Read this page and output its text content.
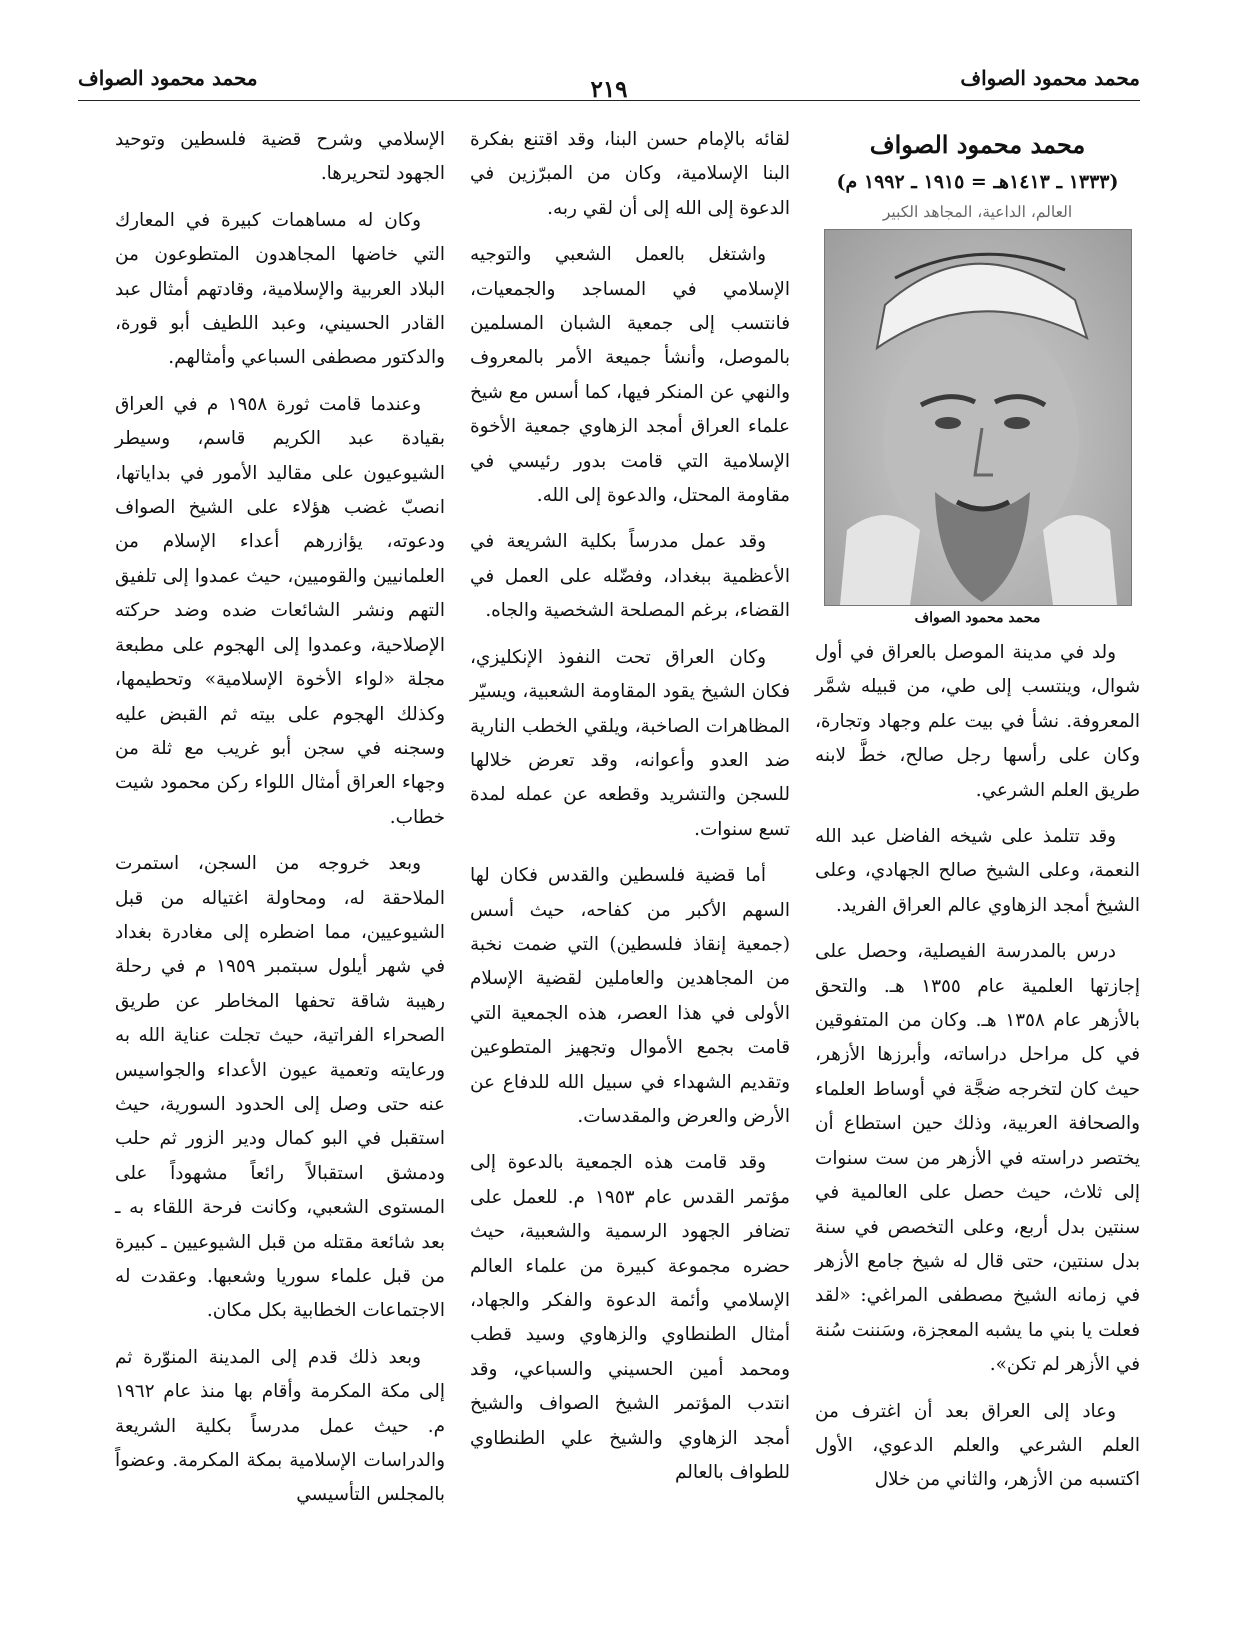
محمد محمود الصواف
٢١٩
محمد محمود الصواف
محمد محمود الصواف
(١٣٣٣ ـ ١٤١٣هـ = ١٩١٥ ـ ١٩٩٢ م)
العالم، الداعية، المجاهد الكبير
محمد محمود الصواف

ولد في مدينة الموصل بالعراق في أول شوال، وينتسب إلى طي، من قبيله شمَّر المعروفة. نشأ في بيت علم وجهاد وتجارة، وكان على رأسها رجل صالح، خطَّ لابنه طريق العلم الشرعي.

وقد تتلمذ على شيخه الفاضل عبد الله النعمة، وعلى الشيخ صالح الجهادي، وعلى الشيخ أمجد الزهاوي عالم العراق الفريد.

درس بالمدرسة الفيصلية، وحصل على إجازتها العلمية عام ١٣٥٥ هـ. والتحق بالأزهر عام ١٣٥٨ هـ. وكان من المتفوقين في كل مراحل دراساته، وأبرزها الأزهر، حيث كان لتخرجه ضجَّة في أوساط العلماء والصحافة العربية، وذلك حين استطاع أن يختصر دراسته في الأزهر من ست سنوات إلى ثلاث، حيث حصل على العالمية في سنتين بدل أربع، وعلى التخصص في سنة بدل سنتين، حتى قال له شيخ جامع الأزهر في زمانه الشيخ مصطفى المراغي: «لقد فعلت يا بني ما يشبه المعجزة، وسَننت سُنة في الأزهر لم تكن».

وعاد إلى العراق بعد أن اغترف من العلم الشرعي والعلم الدعوي، الأول اكتسبه من الأزهر، والثاني من خلال

لقائه بالإمام حسن البنا، وقد اقتنع بفكرة البنا الإسلامية، وكان من المبرّزين في الدعوة إلى الله إلى أن لقي ربه.

واشتغل بالعمل الشعبي والتوجيه الإسلامي في المساجد والجمعيات، فانتسب إلى جمعية الشبان المسلمين بالموصل، وأنشأ جميعة الأمر بالمعروف والنهي عن المنكر فيها، كما أسس مع شيخ علماء العراق أمجد الزهاوي جمعية الأخوة الإسلامية التي قامت بدور رئيسي في مقاومة المحتل، والدعوة إلى الله.

وقد عمل مدرساً بكلية الشريعة في الأعظمية ببغداد، وفضّله على العمل في القضاء، برغم المصلحة الشخصية والجاه.

وكان العراق تحت النفوذ الإنكليزي، فكان الشيخ يقود المقاومة الشعبية، ويسيّر المظاهرات الصاخبة، ويلقي الخطب النارية ضد العدو وأعوانه، وقد تعرض خلالها للسجن والتشريد وقطعه عن عمله لمدة تسع سنوات.

أما قضية فلسطين والقدس فكان لها السهم الأكبر من كفاحه، حيث أسس (جمعية إنقاذ فلسطين) التي ضمت نخبة من المجاهدين والعاملين لقضية الإسلام الأولى في هذا العصر، هذه الجمعية التي قامت بجمع الأموال وتجهيز المتطوعين وتقديم الشهداء في سبيل الله للدفاع عن الأرض والعرض والمقدسات.

وقد قامت هذه الجمعية بالدعوة إلى مؤتمر القدس عام ١٩٥٣ م. للعمل على تضافر الجهود الرسمية والشعبية، حيث حضره مجموعة كبيرة من علماء العالم الإسلامي وأئمة الدعوة والفكر والجهاد، أمثال الطنطاوي والزهاوي وسيد قطب ومحمد أمين الحسيني والسباعي، وقد انتدب المؤتمر الشيخ الصواف والشيخ أمجد الزهاوي والشيخ علي الطنطاوي للطواف بالعالم

الإسلامي وشرح قضية فلسطين وتوحيد الجهود لتحريرها.

وكان له مساهمات كبيرة في المعارك التي خاضها المجاهدون المتطوعون من البلاد العربية والإسلامية، وقادتهم أمثال عبد القادر الحسيني، وعبد اللطيف أبو قورة، والدكتور مصطفى السباعي وأمثالهم.

وعندما قامت ثورة ١٩٥٨ م في العراق بقيادة عبد الكريم قاسم، وسيطر الشيوعيون على مقاليد الأمور في بداياتها، انصبّ غضب هؤلاء على الشيخ الصواف ودعوته، يؤازرهم أعداء الإسلام من العلمانيين والقوميين، حيث عمدوا إلى تلفيق التهم ونشر الشائعات ضده وضد حركته الإصلاحية، وعمدوا إلى الهجوم على مطبعة مجلة «لواء الأخوة الإسلامية» وتحطيمها، وكذلك الهجوم على بيته ثم القبض عليه وسجنه في سجن أبو غريب مع ثلة من وجهاء العراق أمثال اللواء ركن محمود شيت خطاب.

وبعد خروجه من السجن، استمرت الملاحقة له، ومحاولة اغتياله من قبل الشيوعيين، مما اضطره إلى مغادرة بغداد في شهر أيلول سبتمبر ١٩٥٩ م في رحلة رهيبة شاقة تحفها المخاطر عن طريق الصحراء الفراتية، حيث تجلت عناية الله به ورعايته وتعمية عيون الأعداء والجواسيس عنه حتى وصل إلى الحدود السورية، حيث استقبل في البو كمال ودير الزور ثم حلب ودمشق استقبالاً رائعاً مشهوداً على المستوى الشعبي، وكانت فرحة اللقاء به ـ بعد شائعة مقتله من قبل الشيوعيين ـ كبيرة من قبل علماء سوريا وشعبها. وعقدت له الاجتماعات الخطابية بكل مكان.

وبعد ذلك قدم إلى المدينة المنوّرة ثم إلى مكة المكرمة وأقام بها منذ عام ١٩٦٢ م. حيث عمل مدرساً بكلية الشريعة والدراسات الإسلامية بمكة المكرمة. وعضواً بالمجلس التأسيسي
